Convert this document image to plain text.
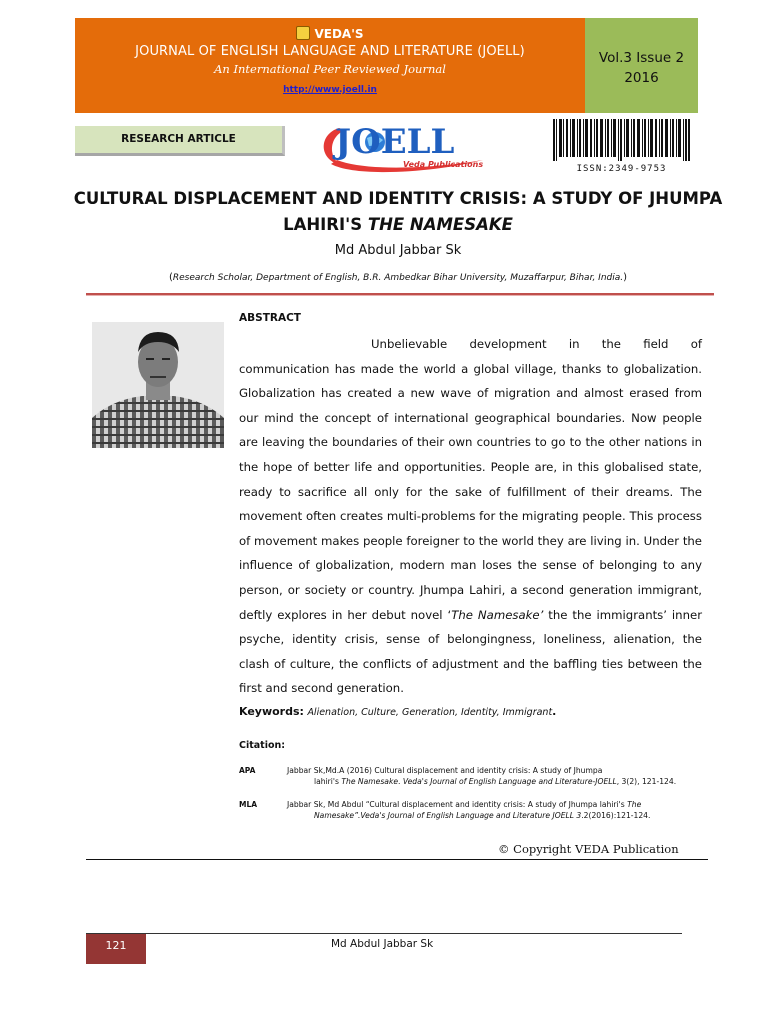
VEDA'S
JOURNAL OF ENGLISH LANGUAGE AND LITERATURE (JOELL)
An International Peer Reviewed Journal
http://www.joell.in
Vol.3 Issue 2
2016
RESEARCH ARTICLE	JOELL
Veda Publications	ISSN:2349-9753
CULTURAL DISPLACEMENT AND IDENTITY CRISIS: A STUDY OF JHUMPA LAHIRI'S THE NAMESAKE
Md Abdul Jabbar Sk
(Research Scholar, Department of English, B.R. Ambedkar Bihar University, Muzaffarpur, Bihar, India.)
ABSTRACT
Unbelievable development in the field of communication has made the world a global village, thanks to globalization. Globalization has created a new wave of migration and almost erased from our mind the concept of international geographical boundaries. Now people are leaving the boundaries of their own countries to go to the other nations in the hope of better life and opportunities. People are, in this globalised state, ready to sacrifice all only for the sake of fulfillment of their dreams. The movement often creates multi-problems for the migrating people. This process of movement makes people foreigner to the world they are living in. Under the influence of globalization, modern man loses the sense of belonging to any person, or society or country. Jhumpa Lahiri, a second generation immigrant, deftly explores in her debut novel ‘The Namesake’ the the immigrants’ inner psyche, identity crisis, sense of belongingness, loneliness, alienation, the clash of culture, the conflicts of adjustment and the baffling ties between the first and second generation.
Keywords: Alienation, Culture, Generation, Identity, Immigrant.
Citation:
APA	Jabbar Sk,Md.A (2016) Cultural displacement and identity crisis: A study of Jhumpa
lahiri's The Namesake. Veda's Journal of English Language and Literature-JOELL, 3(2), 121-124.
MLA	Jabbar Sk, Md Abdul “Cultural displacement and identity crisis: A study of Jhumpa lahiri's The
Namesake”.Veda's Journal of English Language and Literature JOELL 3.2(2016):121-124.
© Copyright VEDA Publication
121	Md Abdul Jabbar Sk
